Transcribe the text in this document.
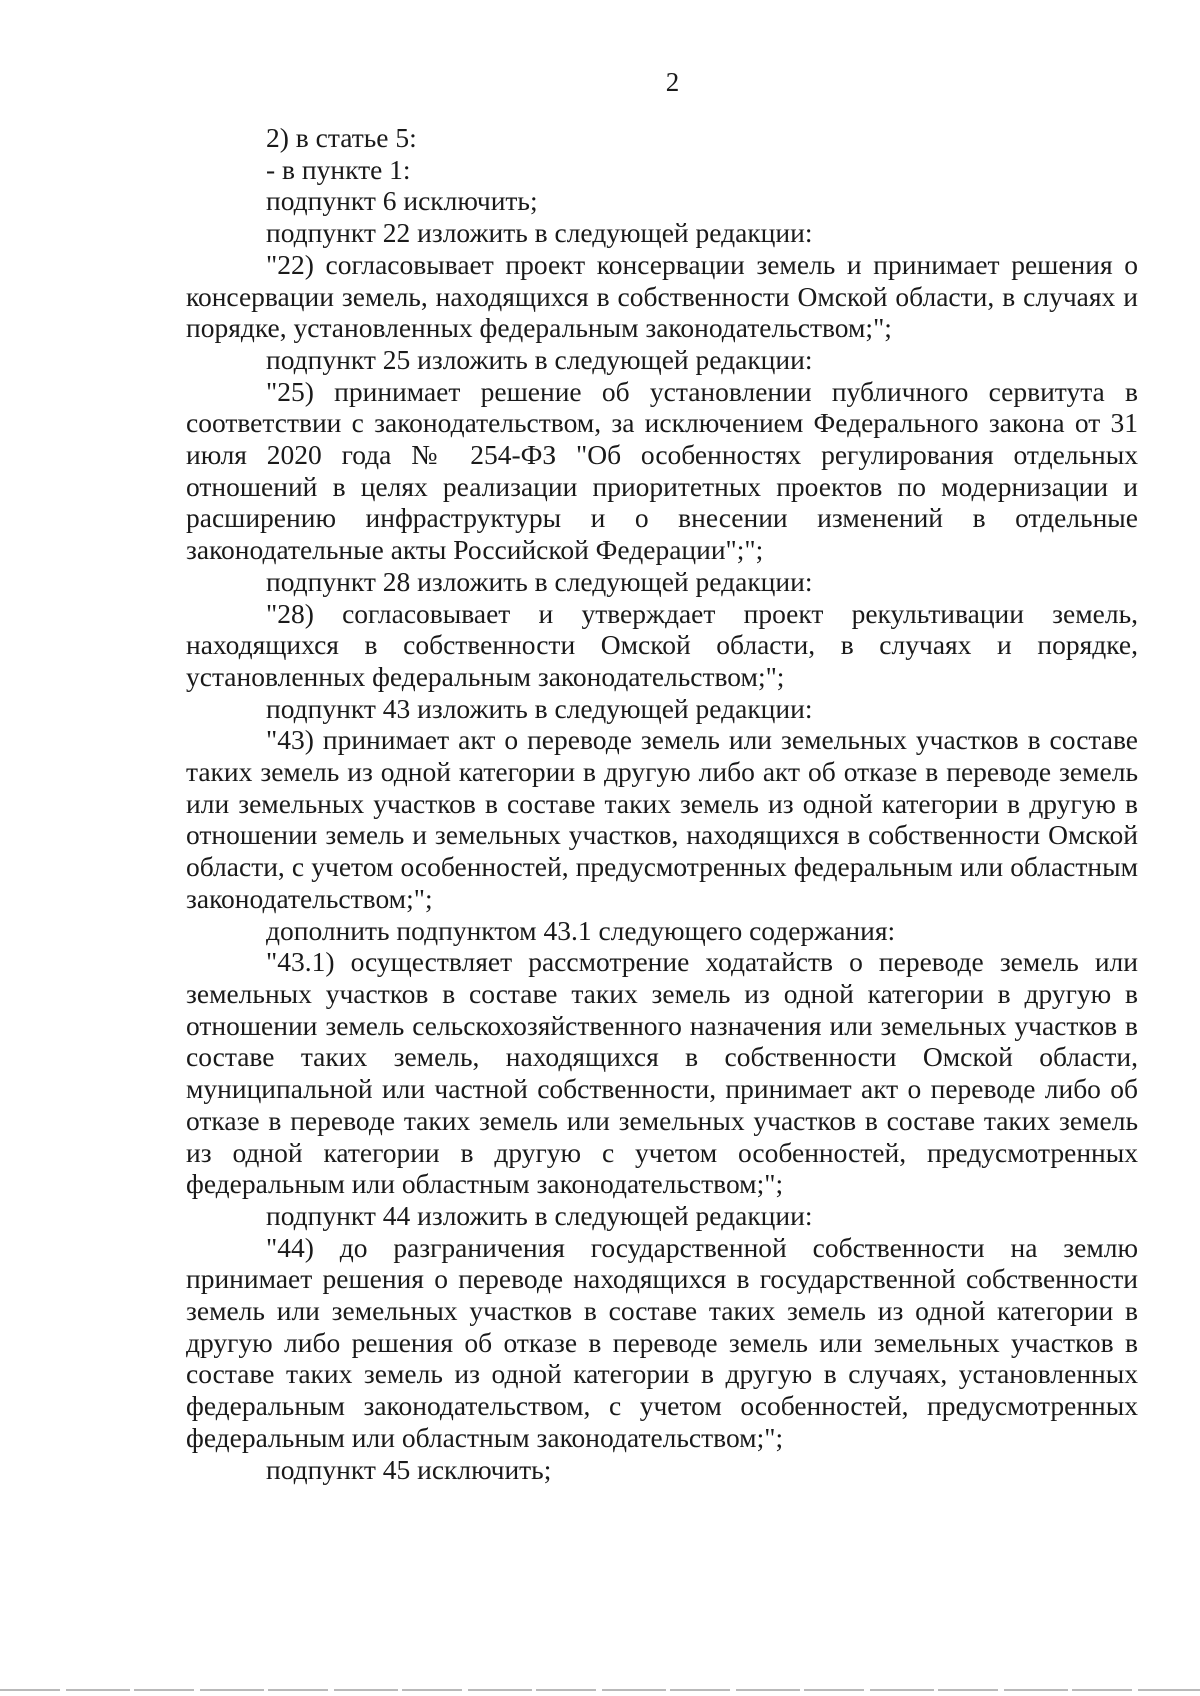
2

2) в статье 5:

- в пункте 1:

подпункт 6 исключить;

подпункт 22 изложить в следующей редакции:

"22) согласовывает проект консервации земель и принимает решения о консервации земель, находящихся в собственности Омской области, в случаях и порядке, установленных федеральным законодательством;";

подпункт 25 изложить в следующей редакции:

"25) принимает решение об установлении публичного сервитута в соответствии с законодательством, за исключением Федерального закона от 31 июля 2020 года № 254-ФЗ "Об особенностях регулирования отдельных отношений в целях реализации приоритетных проектов по модернизации и расширению инфраструктуры и о внесении изменений в отдельные законодательные акты Российской Федерации";";

подпункт 28 изложить в следующей редакции:

"28) согласовывает и утверждает проект рекультивации земель, находящихся в собственности Омской области, в случаях и порядке, установленных федеральным законодательством;";

подпункт 43 изложить в следующей редакции:

"43) принимает акт о переводе земель или земельных участков в составе таких земель из одной категории в другую либо акт об отказе в переводе земель или земельных участков в составе таких земель из одной категории в другую в отношении земель и земельных участков, находящихся в собственности Омской области, с учетом особенностей, предусмотренных федеральным или областным законодательством;";

дополнить подпунктом 43.1 следующего содержания:

"43.1) осуществляет рассмотрение ходатайств о переводе земель или земельных участков в составе таких земель из одной категории в другую в отношении земель сельскохозяйственного назначения или земельных участков в составе таких земель, находящихся в собственности Омской области, муниципальной или частной собственности, принимает акт о переводе либо об отказе в переводе таких земель или земельных участков в составе таких земель из одной категории в другую с учетом особенностей, предусмотренных федеральным или областным законодательством;";

подпункт 44 изложить в следующей редакции:

"44) до разграничения государственной собственности на землю принимает решения о переводе находящихся в государственной собственности земель или земельных участков в составе таких земель из одной категории в другую либо решения об отказе в переводе земель или земельных участков в составе таких земель из одной категории в другую в случаях, установленных федеральным законодательством, с учетом особенностей, предусмотренных федеральным или областным законодательством;";

подпункт 45 исключить;
